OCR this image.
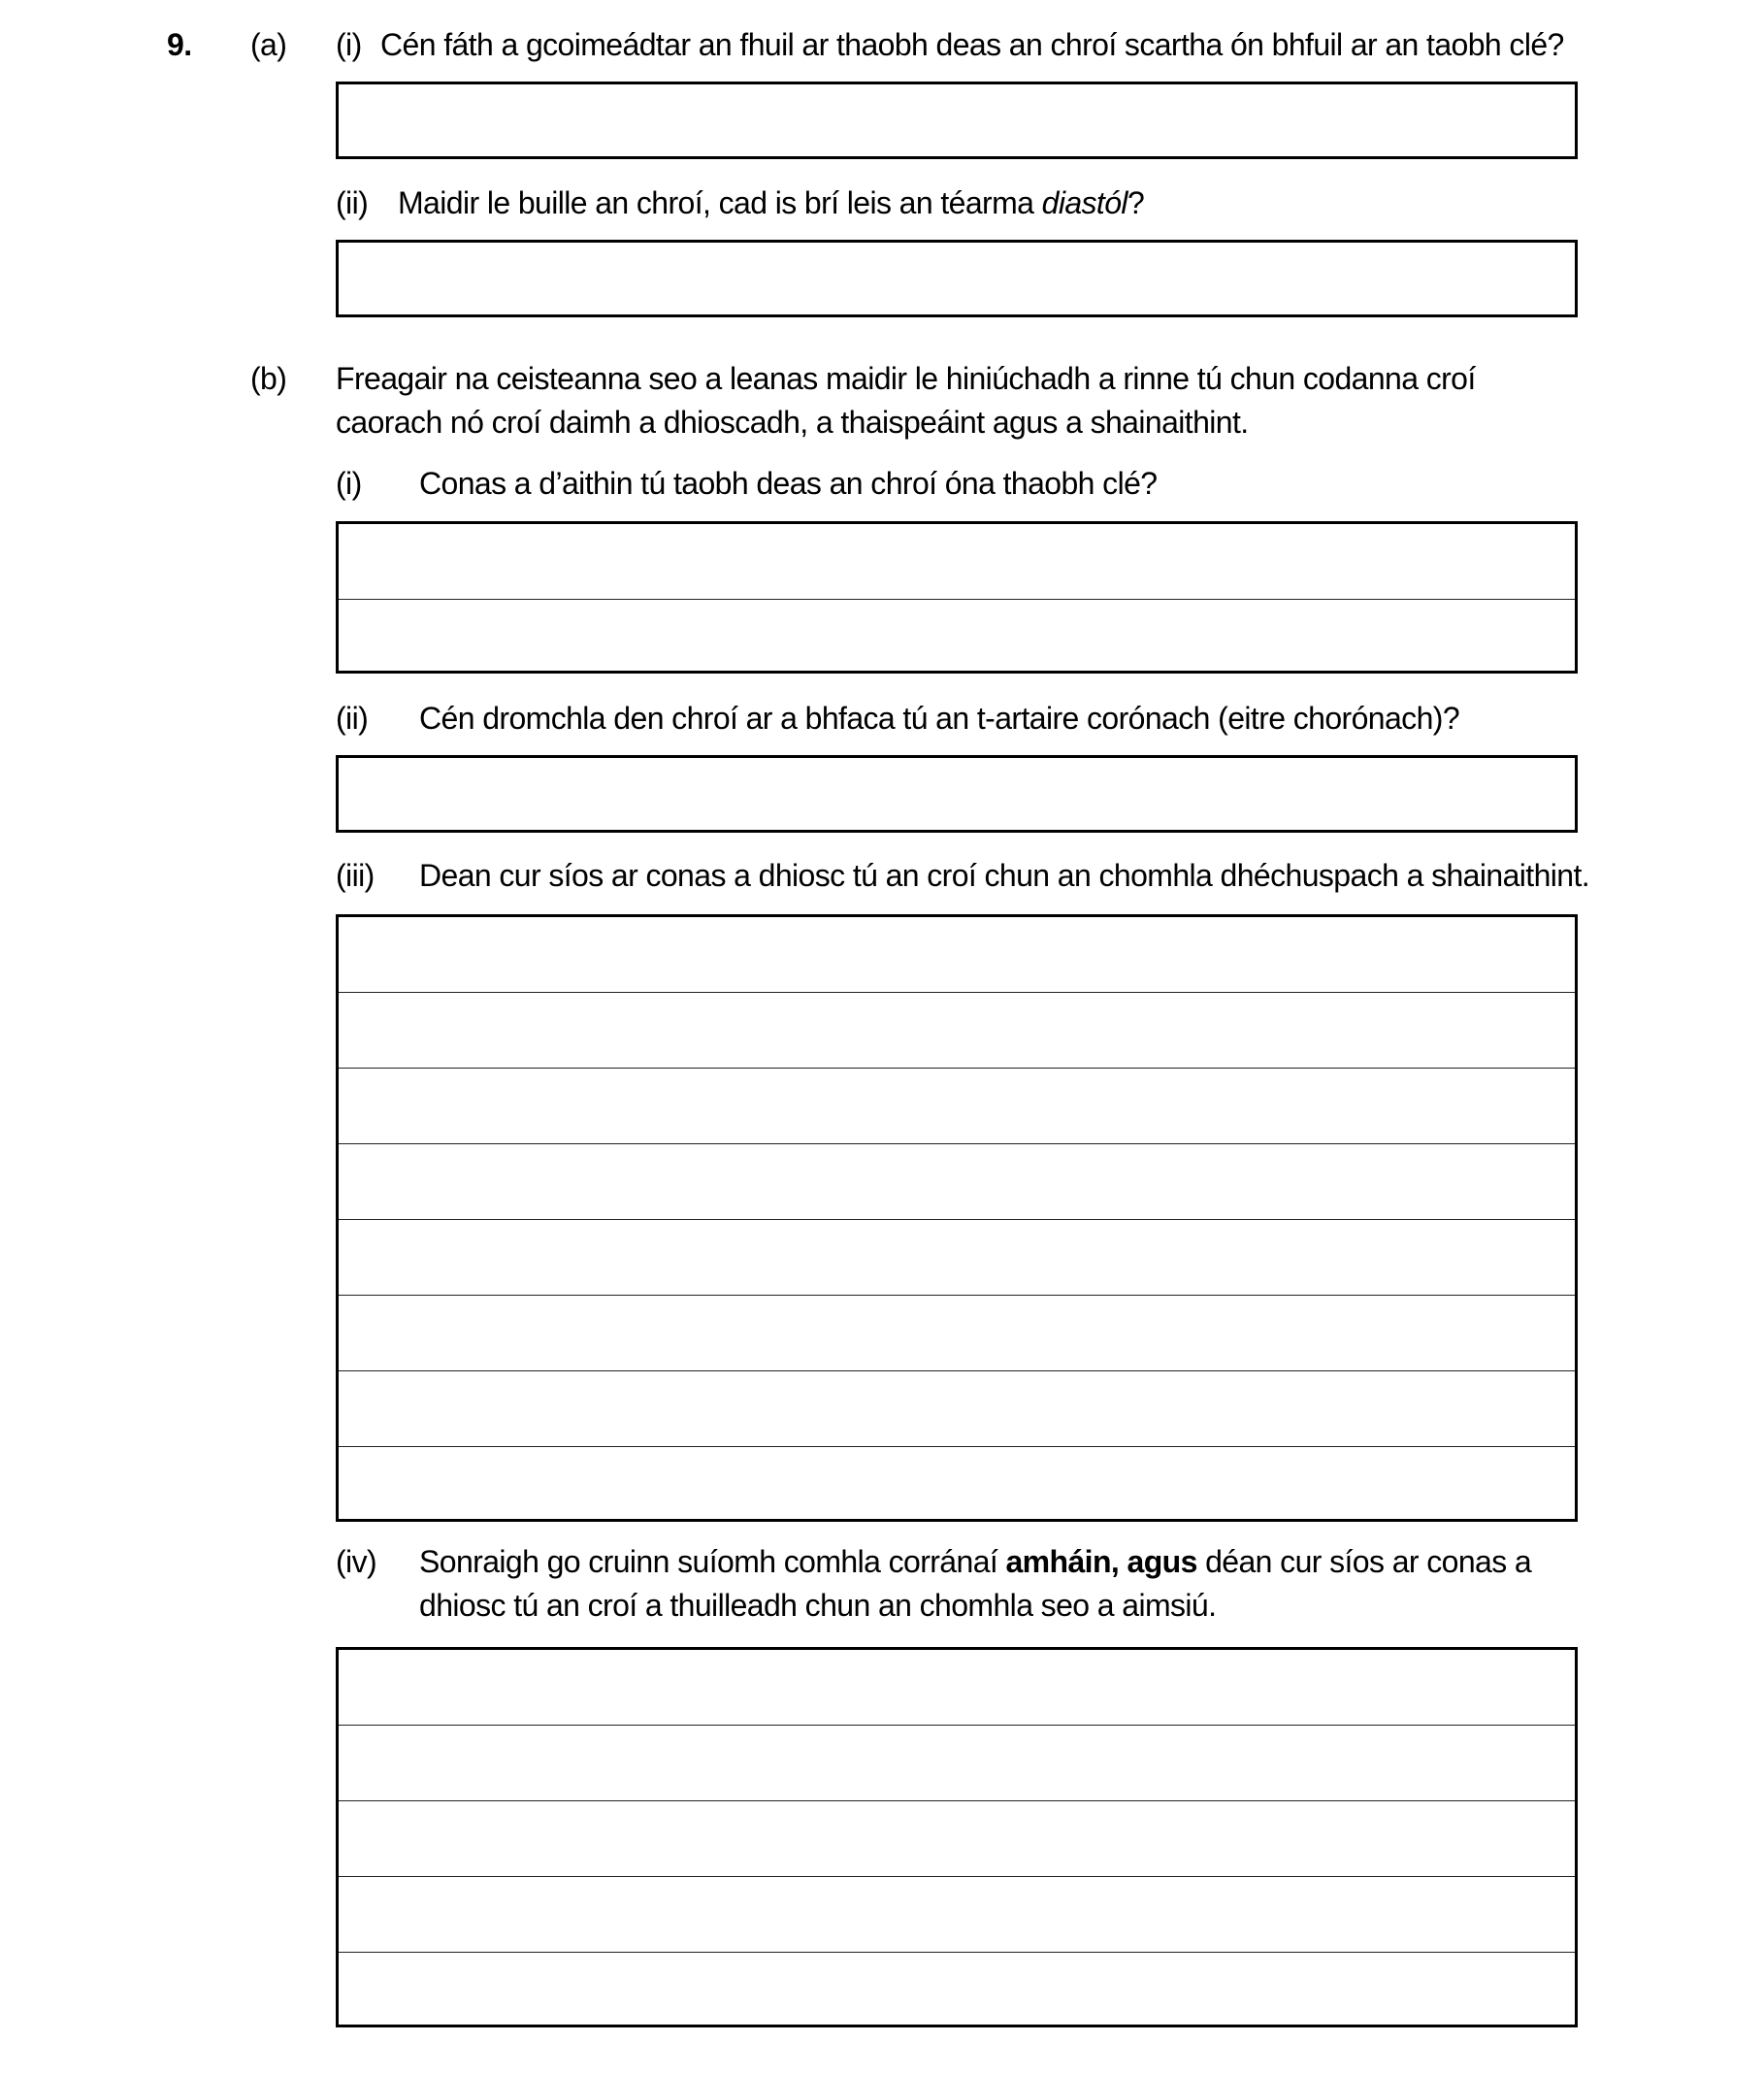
9. (a) (i) Cén fáth a gcoimeádtar an fhuil ar thaobh deas an chroí scartha ón bhfuil ar an taobh clé?
(ii) Maidir le buille an chroí, cad is brí leis an téarma diastól?
(b) Freagair na ceisteanna seo a leanas maidir le hiniúchadh a rinne tú chun codanna croí
caorach nó croí daimh a dhioscadh, a thaispeáint agus a shainaithint.
(i) Conas a d’aithin tú taobh deas an chroí óna thaobh clé?
(ii) Cén dromchla den chroí ar a bhfaca tú an t-artaire corónach (eitre chorónach)?
(iii) Dean cur síos ar conas a dhiosc tú an croí chun an chomhla dhéchuspach a shainaithint.
(iv) Sonraigh go cruinn suíomh comhla corránaí amháin, agus déan cur síos ar conas a
dhiosc tú an croí a thuilleadh chun an chomhla seo a aimsiú.
